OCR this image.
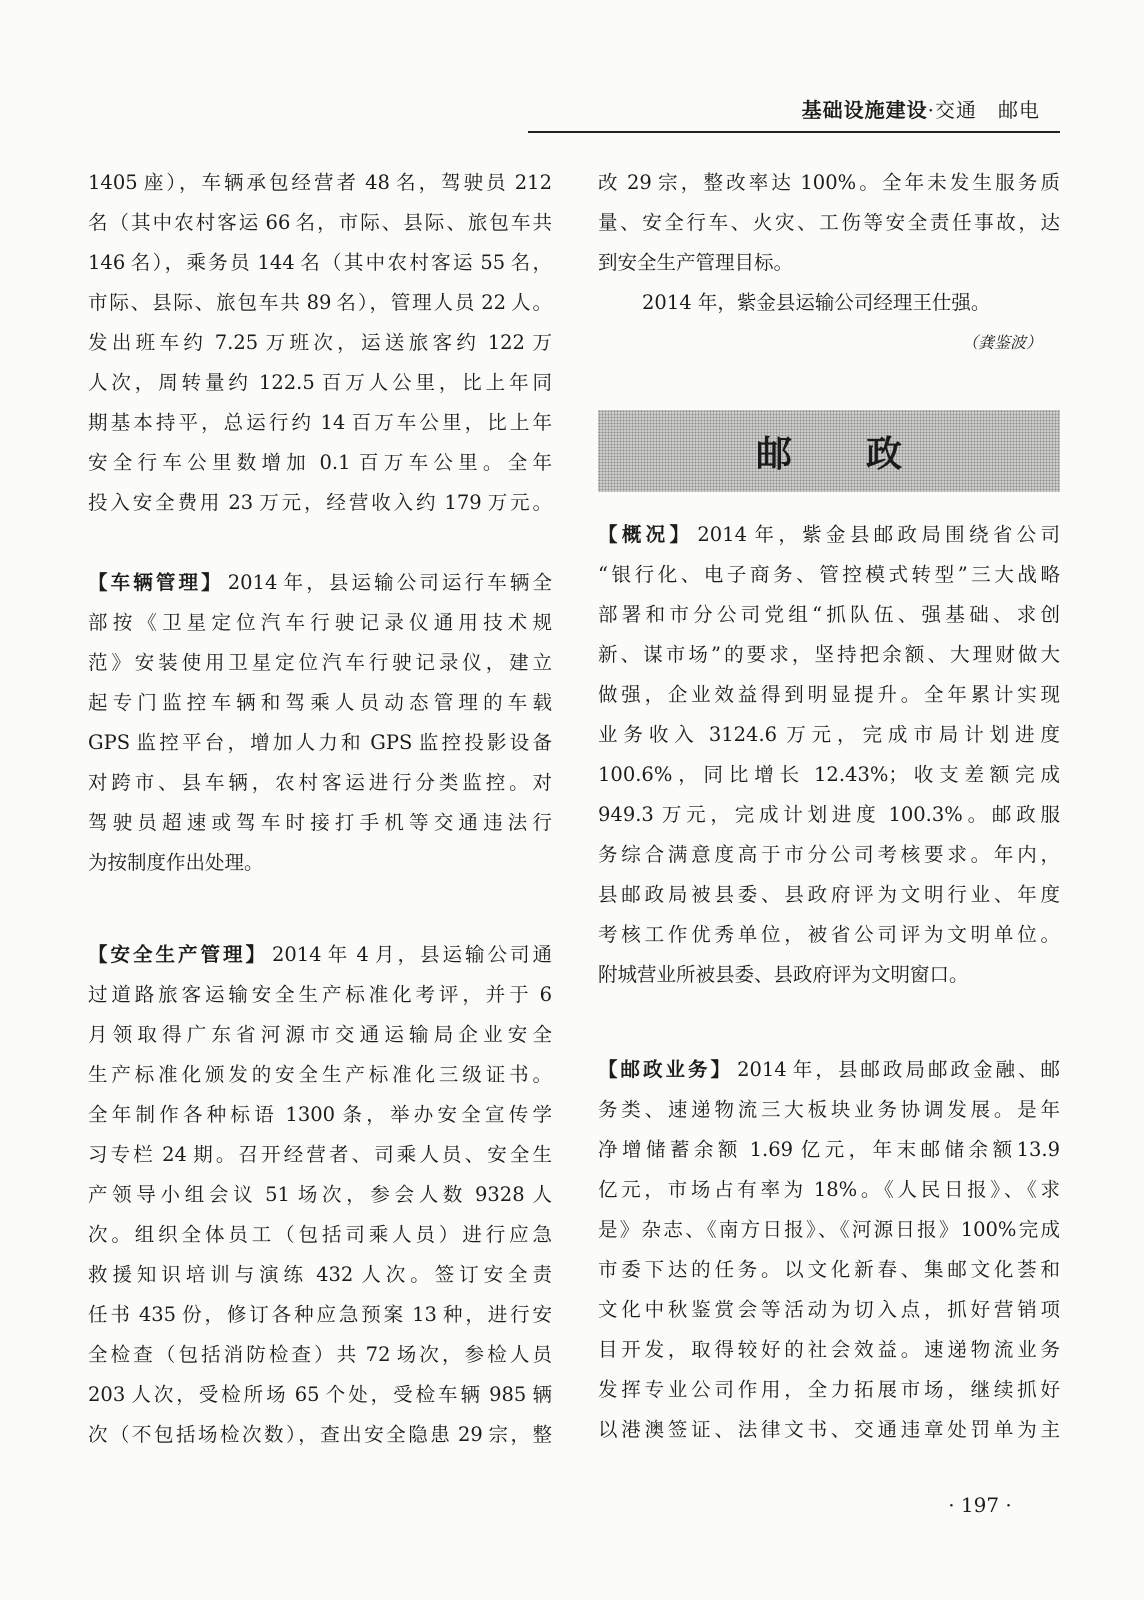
基础设施建设·交通　邮电
1405 座），车辆承包经营者 48 名，驾驶员 212
名（其中农村客运 66 名，市际、县际、旅包车共
146 名），乘务员 144 名（其中农村客运 55 名，
市际、县际、旅包车共 89 名），管理人员 22 人。
发出班车约 7.25 万班次，运送旅客约 122 万
人次，周转量约 122.5 百万人公里，比上年同
期基本持平，总运行约 14 百万车公里，比上年
安全行车公里数增加 0.1 百万车公里。全年
投入安全费用 23 万元，经营收入约 179 万元。
【车辆管理】 2014 年，县运输公司运行车辆全
部按《卫星定位汽车行驶记录仪通用技术规
范》安装使用卫星定位汽车行驶记录仪，建立
起专门监控车辆和驾乘人员动态管理的车载
GPS 监控平台，增加人力和 GPS 监控投影设备
对跨市、县车辆，农村客运进行分类监控。对
驾驶员超速或驾车时接打手机等交通违法行
为按制度作出处理。
【安全生产管理】 2014 年 4 月，县运输公司通
过道路旅客运输安全生产标准化考评，并于 6
月领取得广东省河源市交通运输局企业安全
生产标准化颁发的安全生产标准化三级证书。
全年制作各种标语 1300 条，举办安全宣传学
习专栏 24 期。召开经营者、司乘人员、安全生
产领导小组会议 51 场次，参会人数 9328 人
次。组织全体员工（包括司乘人员）进行应急
救援知识培训与演练 432 人次。签订安全责
任书 435 份，修订各种应急预案 13 种，进行安
全检查（包括消防检查）共 72 场次，参检人员
203 人次，受检所场 65 个处，受检车辆 985 辆
次（不包括场检次数），查出安全隐患 29 宗，整
改 29 宗，整改率达 100%。全年未发生服务质
量、安全行车、火灾、工伤等安全责任事故，达
到安全生产管理目标。
2014 年，紫金县运输公司经理王仕强。
（龚鉴波）
邮政
【概况】 2014 年，紫金县邮政局围绕省公司
“银行化、电子商务、管控模式转型”三大战略
部署和市分公司党组“抓队伍、强基础、求创
新、谋市场”的要求，坚持把余额、大理财做大
做强，企业效益得到明显提升。全年累计实现
业务收入 3124.6 万元，完成市局计划进度
100.6%，同比增长 12.43%；收支差额完成
949.3 万元，完成计划进度 100.3%。邮政服
务综合满意度高于市分公司考核要求。年内，
县邮政局被县委、县政府评为文明行业、年度
考核工作优秀单位，被省公司评为文明单位。
附城营业所被县委、县政府评为文明窗口。
【邮政业务】 2014 年，县邮政局邮政金融、邮
务类、速递物流三大板块业务协调发展。是年
净增储蓄余额 1.69 亿元，年末邮储余额13.9
亿元，市场占有率为 18%。《人民日报》、《求
是》杂志、《南方日报》、《河源日报》100%完成
市委下达的任务。以文化新春、集邮文化荟和
文化中秋鉴赏会等活动为切入点，抓好营销项
目开发，取得较好的社会效益。速递物流业务
发挥专业公司作用，全力拓展市场，继续抓好
以港澳签证、法律文书、交通违章处罚单为主
· 197 ·
